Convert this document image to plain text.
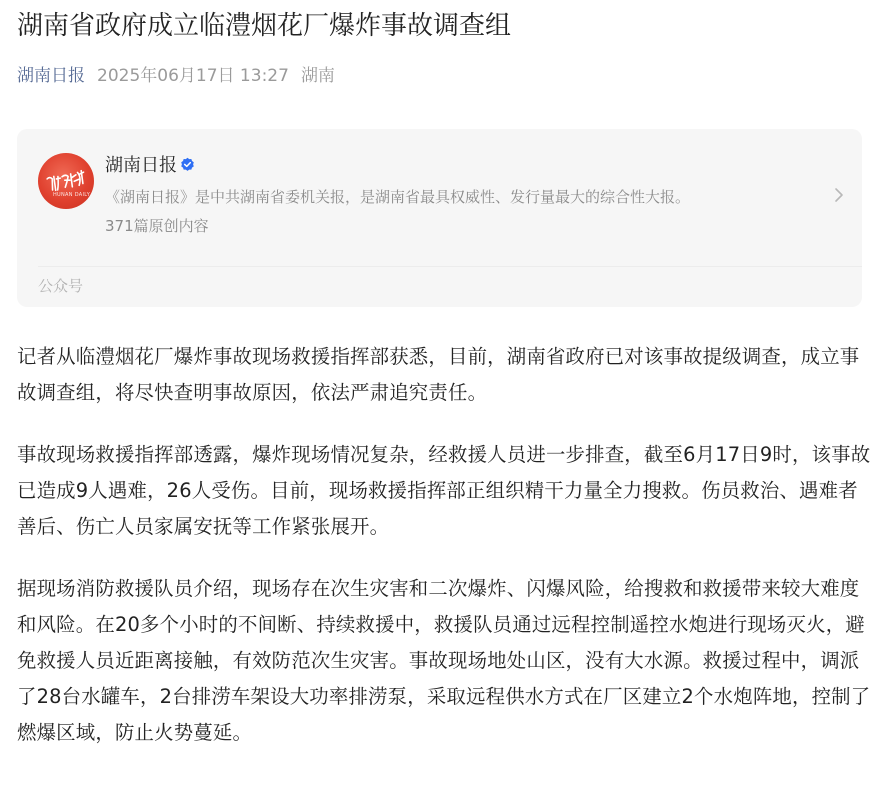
湖南省政府成立临澧烟花厂爆炸事故调查组
湖南日报 2025年06月17日 13:27 湖南
HUNAN DAILY
湖南日报
《湖南日报》是中共湖南省委机关报，是湖南省最具权威性、发行量最大的综合性大报。
371篇原创内容
公众号

记者从临澧烟花厂爆炸事故现场救援指挥部获悉，目前，湖南省政府已对该事故提级调查，成立事故调查组，将尽快查明事故原因，依法严肃追究责任。

事故现场救援指挥部透露，爆炸现场情况复杂，经救援人员进一步排查，截至6月17日9时，该事故已造成9人遇难，26人受伤。目前，现场救援指挥部正组织精干力量全力搜救。伤员救治、遇难者善后、伤亡人员家属安抚等工作紧张展开。

据现场消防救援队员介绍，现场存在次生灾害和二次爆炸、闪爆风险，给搜救和救援带来较大难度和风险。在20多个小时的不间断、持续救援中，救援队员通过远程控制遥控水炮进行现场灭火，避免救援人员近距离接触，有效防范次生灾害。事故现场地处山区，没有大水源。救援过程中，调派了28台水罐车，2台排涝车架设大功率排涝泵，采取远程供水方式在厂区建立2个水炮阵地，控制了燃爆区域，防止火势蔓延。
